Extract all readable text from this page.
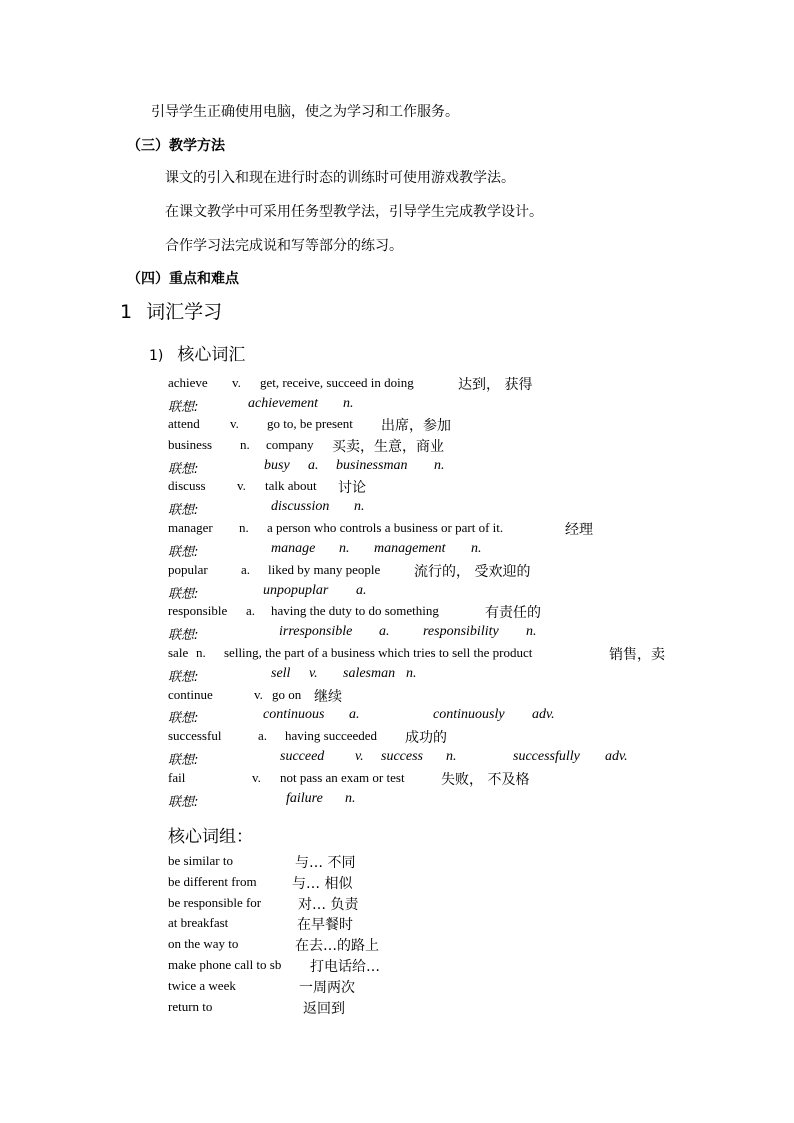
引导学生正确使用电脑，使之为学习和工作服务。
（三）教学方法
课文的引入和现在进行时态的训练时可使用游戏教学法。
在课文教学中可采用任务型教学法，引导学生完成教学设计。
合作学习法完成说和写等部分的练习。
（四）重点和难点
1 词汇学习
1) 核心词汇
achieve v. get, receive, succeed in doing	达到， 获得
联想:	achievement n.
attend v. go to, be present 出席，参加
business n. company 买卖，生意，商业
联想:	busy a. businessman n.
discuss v. talk about 讨论
联想:	discussion n.
manager n. a person who controls a business or part of it.	经理
联想:	manage n. management n.
popular	a. liked by many people 流行的， 受欢迎的
联想:	unpopuplar a.
responsible a. having the duty to do something	有责任的
联想:	irresponsible a. responsibility n.
sale n. selling, the part of a business which tries to sell the product	销售，卖
联想:	sell v. salesman n.
continue	v. go on 继续
联想:	continuous a.	continuously adv.
successful	a. having succeeded 成功的
联想:	succeed v. success n.	successfully adv.
fail	v. not pass an exam or test	失败， 不及格
联想:	failure n.
核心词组：
be similar to	与… 不同
be different from	与… 相似
be responsible for	对… 负责
at breakfast	在早餐时
on the way to	在去…的路上
make phone call to sb 打电话给…
twice a week	一周两次
return to	返回到
